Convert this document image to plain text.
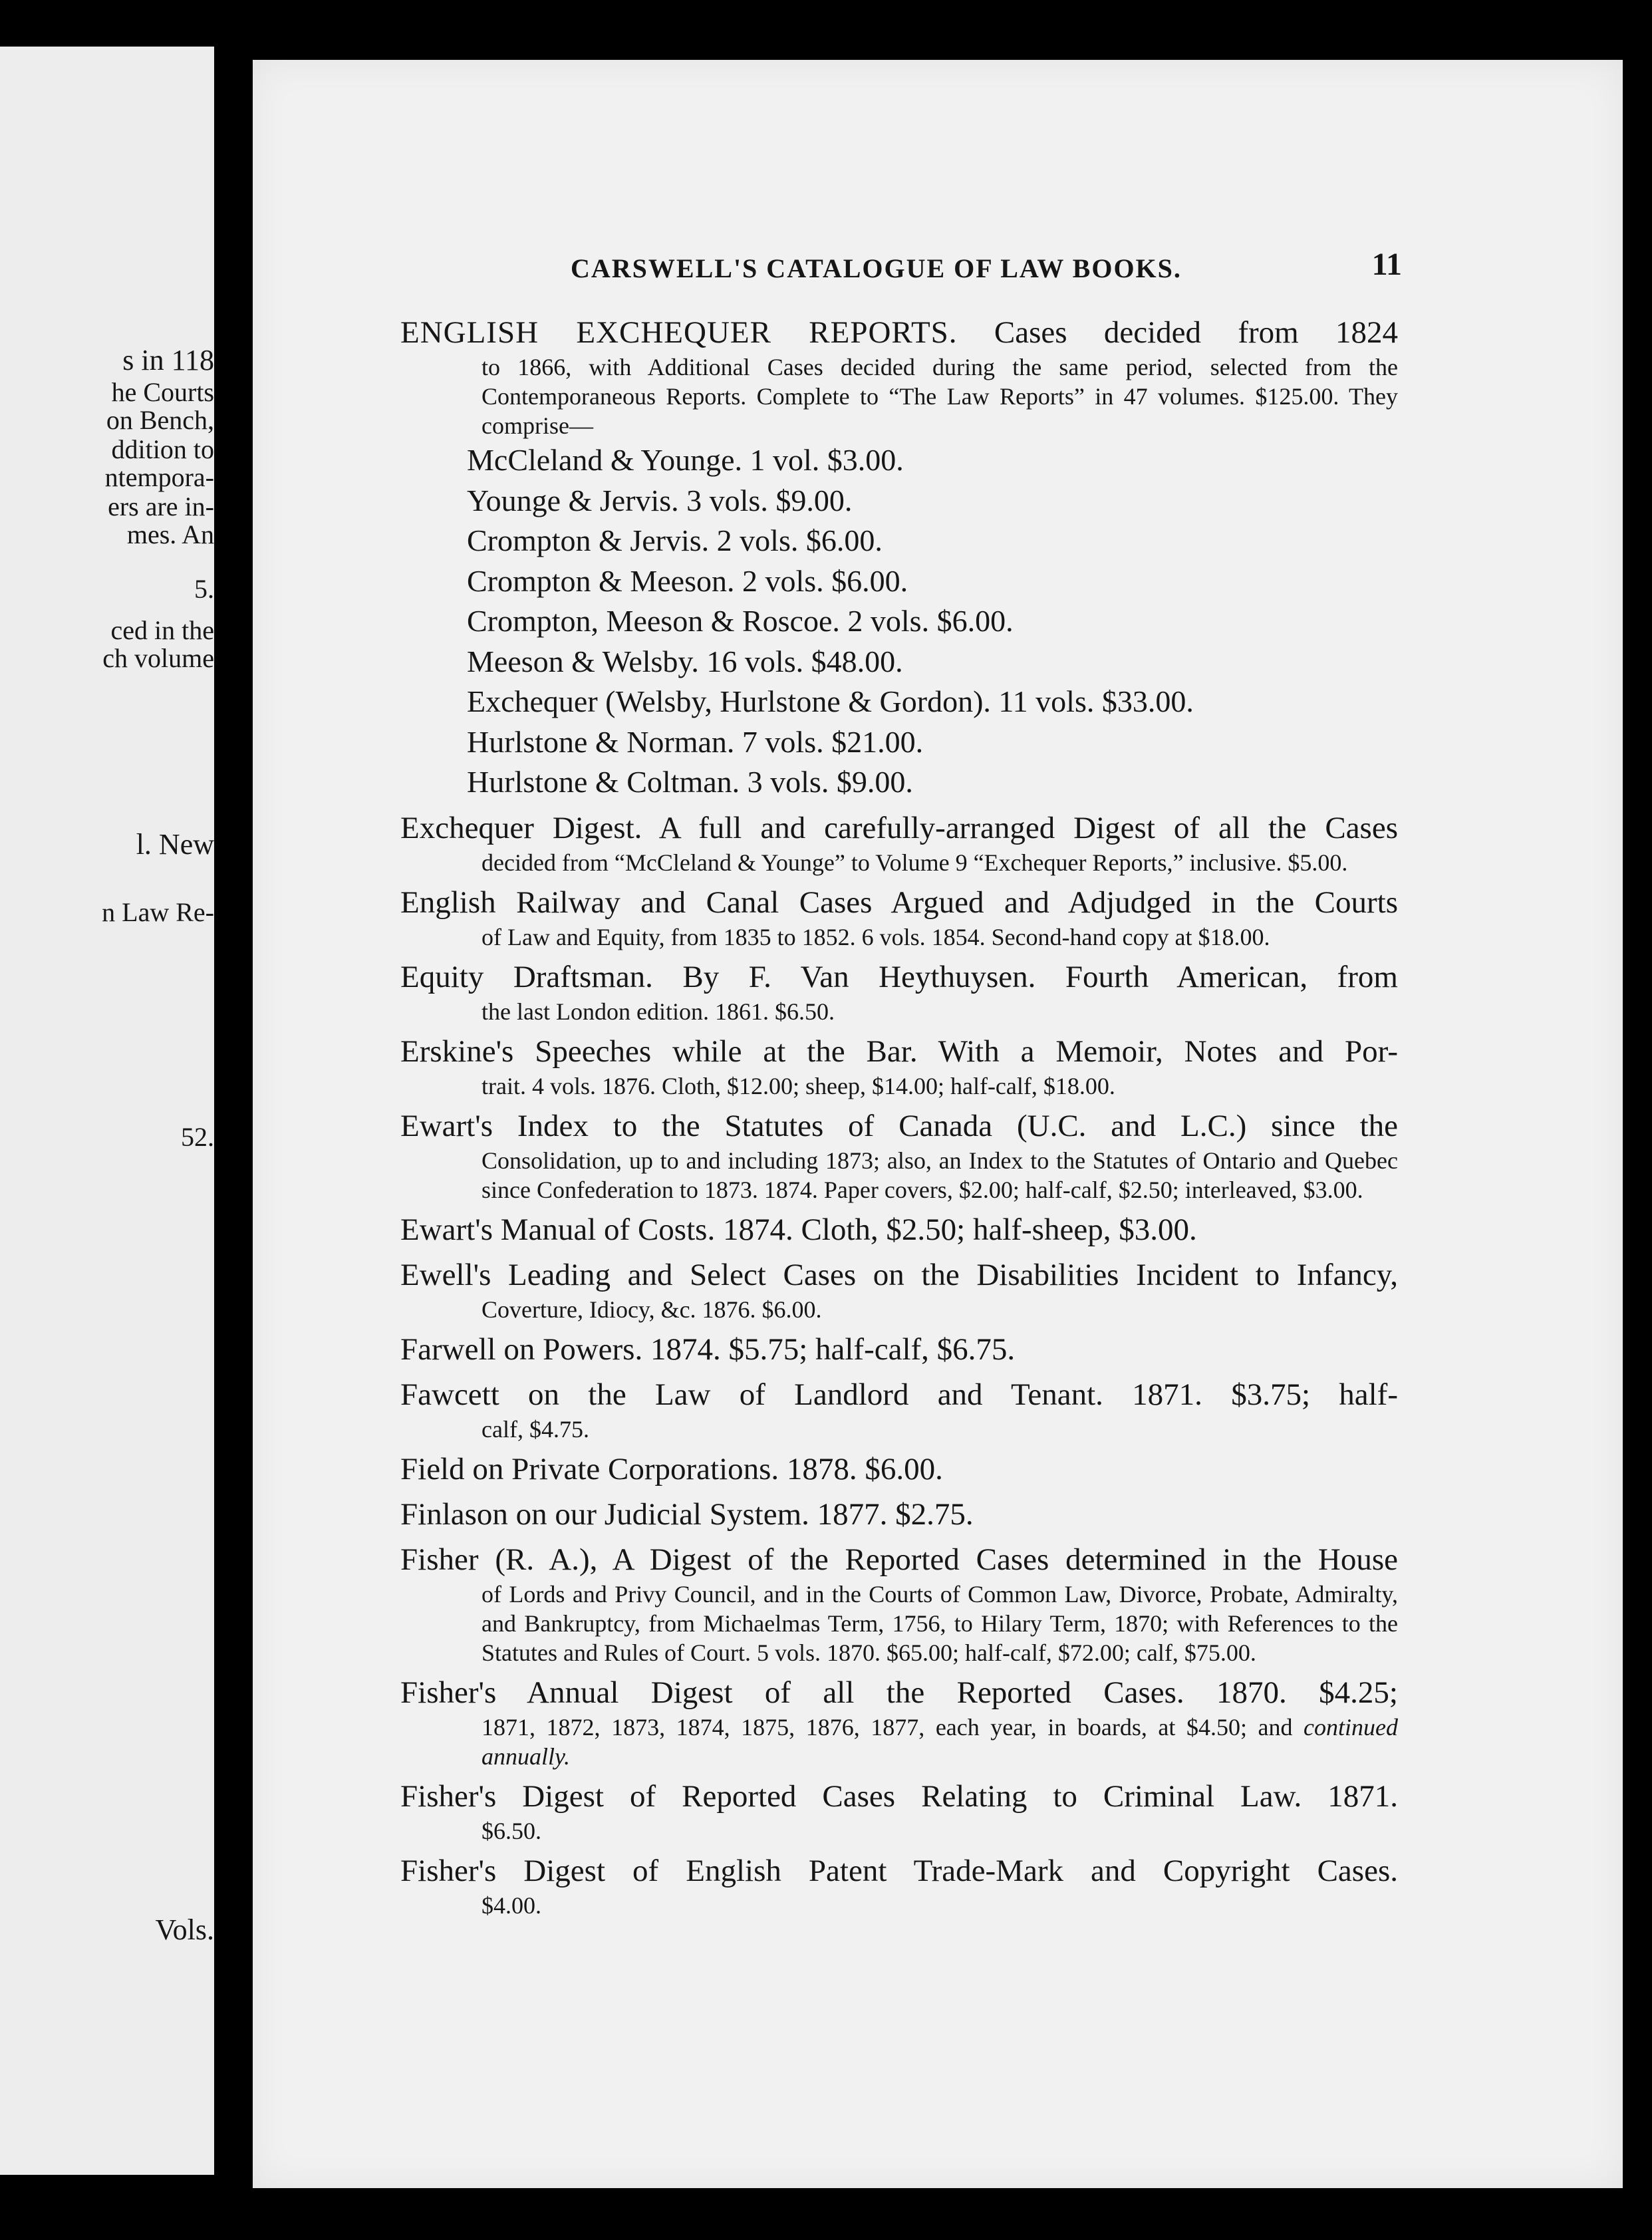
s in 118
he Courts
on Bench,
ddition to
ntempora-
ers are in-
mes. An
5.
ced in the
ch volume
l. New
n Law Re-
52.
Vols.
CARSWELL'S CATALOGUE OF LAW BOOKS.	11
ENGLISH EXCHEQUER REPORTS. Cases decided from 1824
to 1866, with Additional Cases decided during the same period, selected from the Contemporaneous Reports. Complete to “The Law Reports” in 47 volumes. $125.00. They comprise—
McCleland & Younge. 1 vol. $3.00.
Younge & Jervis. 3 vols. $9.00.
Crompton & Jervis. 2 vols. $6.00.
Crompton & Meeson. 2 vols. $6.00.
Crompton, Meeson & Roscoe. 2 vols. $6.00.
Meeson & Welsby. 16 vols. $48.00.
Exchequer (Welsby, Hurlstone & Gordon). 11 vols. $33.00.
Hurlstone & Norman. 7 vols. $21.00.
Hurlstone & Coltman. 3 vols. $9.00.
Exchequer Digest. A full and carefully-arranged Digest of all the Cases
decided from “McCleland & Younge” to Volume 9 “Exchequer Reports,” inclusive. $5.00.
English Railway and Canal Cases Argued and Adjudged in the Courts
of Law and Equity, from 1835 to 1852. 6 vols. 1854. Second-hand copy at $18.00.
Equity Draftsman. By F. Van Heythuysen. Fourth American, from
the last London edition. 1861. $6.50.
Erskine's Speeches while at the Bar. With a Memoir, Notes and Por-
trait. 4 vols. 1876. Cloth, $12.00; sheep, $14.00; half-calf, $18.00.
Ewart's Index to the Statutes of Canada (U.C. and L.C.) since the
Consolidation, up to and including 1873; also, an Index to the Statutes of Ontario and Quebec since Confederation to 1873. 1874. Paper covers, $2.00; half-calf, $2.50; interleaved, $3.00.
Ewart's Manual of Costs. 1874. Cloth, $2.50; half-sheep, $3.00.
Ewell's Leading and Select Cases on the Disabilities Incident to Infancy,
Coverture, Idiocy, &c. 1876. $6.00.
Farwell on Powers. 1874. $5.75; half-calf, $6.75.
Fawcett on the Law of Landlord and Tenant. 1871. $3.75; half-
calf, $4.75.
Field on Private Corporations. 1878. $6.00.
Finlason on our Judicial System. 1877. $2.75.
Fisher (R. A.), A Digest of the Reported Cases determined in the House
of Lords and Privy Council, and in the Courts of Common Law, Divorce, Probate, Admiralty, and Bankruptcy, from Michaelmas Term, 1756, to Hilary Term, 1870; with References to the Statutes and Rules of Court. 5 vols. 1870. $65.00; half-calf, $72.00; calf, $75.00.
Fisher's Annual Digest of all the Reported Cases. 1870. $4.25;
1871, 1872, 1873, 1874, 1875, 1876, 1877, each year, in boards, at $4.50; and continued annually.
Fisher's Digest of Reported Cases Relating to Criminal Law. 1871.
$6.50.
Fisher's Digest of English Patent Trade-Mark and Copyright Cases.
$4.00.
